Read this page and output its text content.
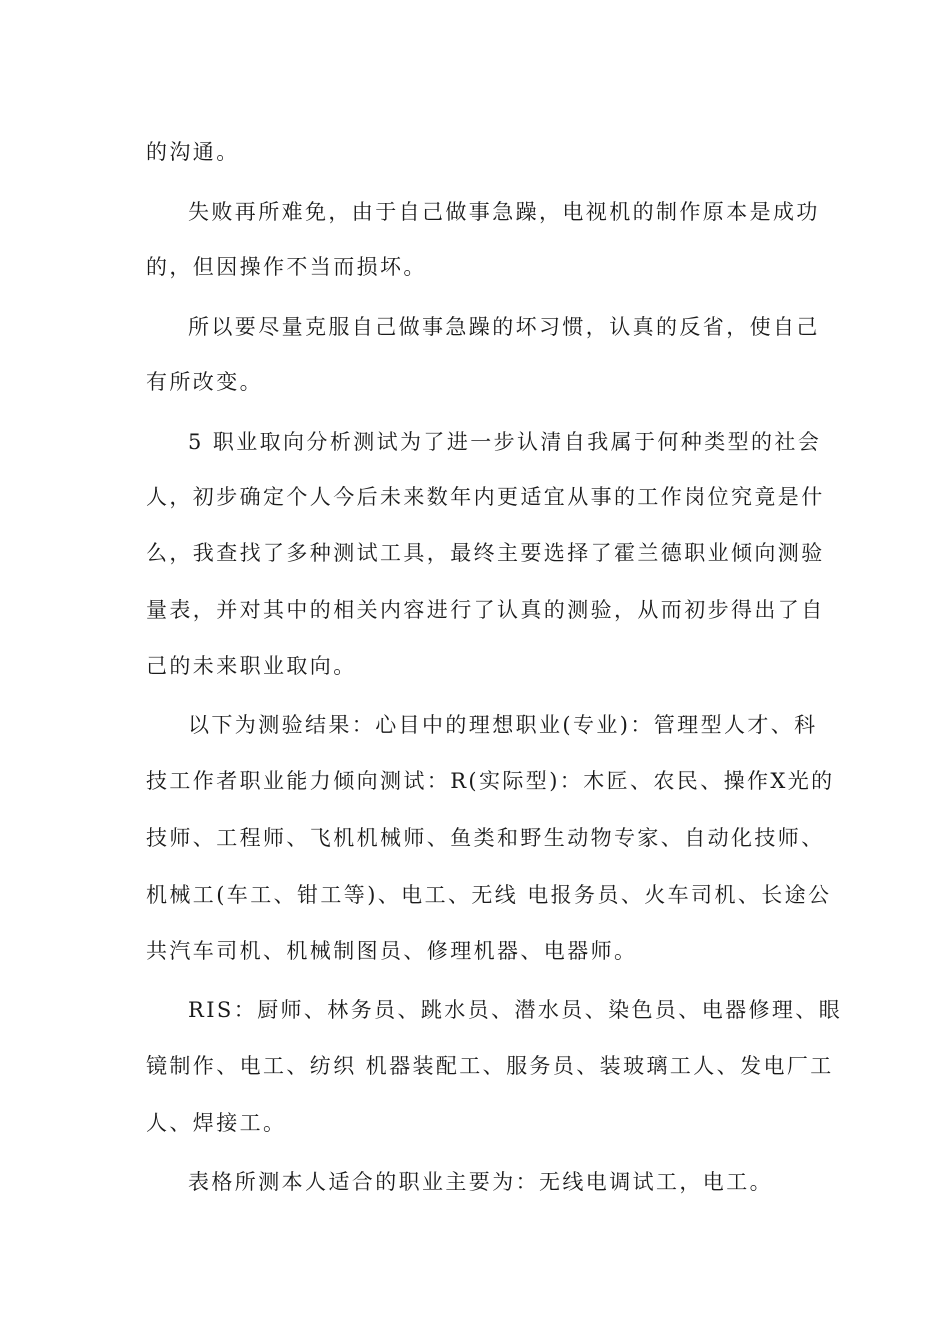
的沟通。

失败再所难免，由于自己做事急躁，电视机的制作原本是成功

的，但因操作不当而损坏。

所以要尽量克服自己做事急躁的坏习惯，认真的反省，使自己

有所改变。

5 职业取向分析测试为了进一步认清自我属于何种类型的社会

人，初步确定个人今后未来数年内更适宜从事的工作岗位究竟是什

么，我查找了多种测试工具，最终主要选择了霍兰德职业倾向测验

量表，并对其中的相关内容进行了认真的测验，从而初步得出了自

己的未来职业取向。

以下为测验结果：心目中的理想职业(专业)：管理型人才、科

技工作者职业能力倾向测试：R(实际型)：木匠、农民、操作X光的

技师、工程师、飞机机械师、鱼类和野生动物专家、自动化技师、

机械工(车工、钳工等)、电工、无线 电报务员、火车司机、长途公

共汽车司机、机械制图员、修理机器、电器师。

RIS：厨师、林务员、跳水员、潜水员、染色员、电器修理、眼

镜制作、电工、纺织 机器装配工、服务员、装玻璃工人、发电厂工

人、焊接工。

表格所测本人适合的职业主要为：无线电调试工，电工。
